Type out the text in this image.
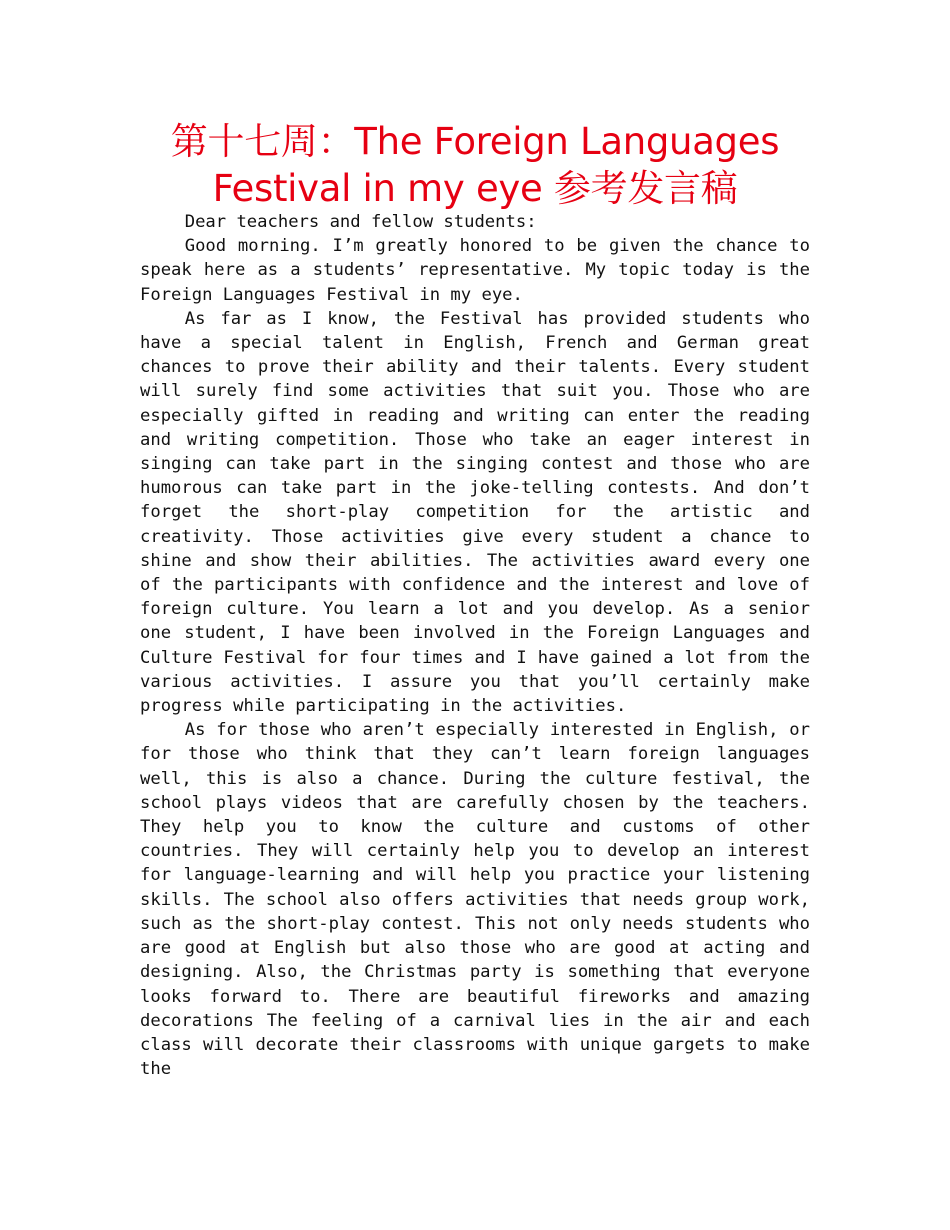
第十七周：The Foreign Languages
Festival in my eye 参考发言稿

Dear teachers and fellow students:

Good morning. I’m greatly honored to be given the chance to speak here as a students’ representative. My topic today is the Foreign Languages Festival in my eye.

As far as I know, the Festival has provided students who have a special talent in English, French and German great chances to prove their ability and their talents. Every student will surely find some activities that suit you. Those who are especially gifted in reading and writing can enter the reading and writing competition. Those who take an eager interest in singing can take part in the singing contest and those who are humorous can take part in the joke-telling contests. And don’t forget the short-play competition for the artistic and creativity. Those activities give every student a chance to shine and show their abilities. The activities award every one of the participants with confidence and the interest and love of foreign culture. You learn a lot and you develop. As a senior one student, I have been involved in the Foreign Languages and Culture Festival for four times and I have gained a lot from the various activities. I assure you that you’ll certainly make progress while participating in the activities.

As for those who aren’t especially interested in English, or for those who think that they can’t learn foreign languages well, this is also a chance. During the culture festival, the school plays videos that are carefully chosen by the teachers. They help you to know the culture and customs of other countries. They will certainly help you to develop an interest for language-learning and will help you practice your listening skills. The school also offers activities that needs group work, such as the short-play contest. This not only needs students who are good at English but also those who are good at acting and designing. Also, the Christmas party is something that everyone looks forward to. There are beautiful fireworks and amazing decorations The feeling of a carnival lies in the air and each class will decorate their classrooms with unique gargets to make the
